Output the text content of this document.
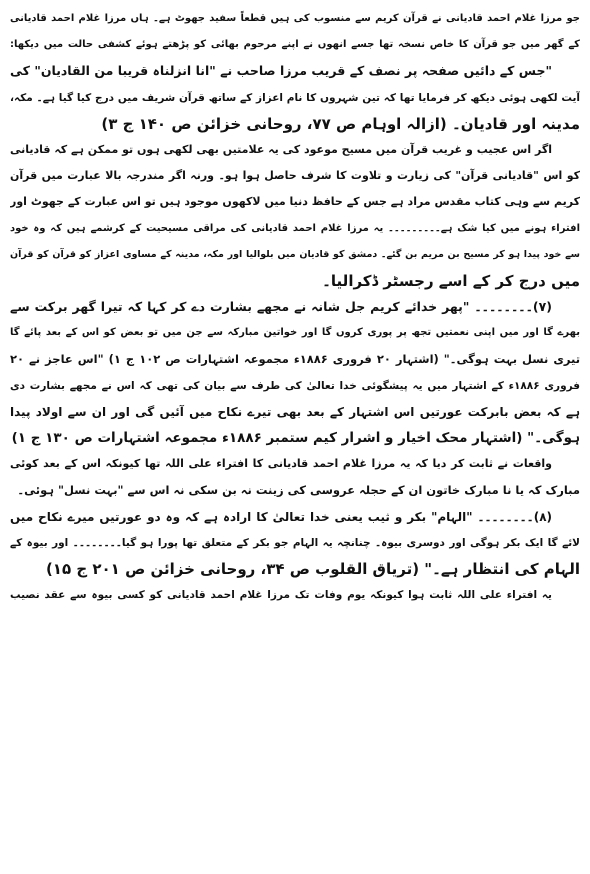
جو مرزا غلام احمد قادیانی نے قرآن کریم سے منسوب کی ہیں قطعاً سفید جھوٹ ہے۔ ہاں مرزا غلام احمد قادیانی
کے گھر میں جو قرآن کا خاص نسخہ تھا جسے انھوں نے اپنے مرحوم بھائی کو پڑھتے ہوئے کشفی حالت میں دیکھا:
"جس کے دائیں صفحہ پر نصف کے قریب مرزا صاحب نے "انا انزلناہ قریبا من القادیان" کی
آیت لکھی ہوئی دیکھ کر فرمایا تھا کہ تین شہروں کا نام اعزاز کے ساتھ قرآن شریف میں درج کیا گیا ہے۔ مکہ،
مدینہ اور قادیان۔ (ازالہ اوہام ص ۷۷، روحانی خزائن ص ۱۴۰ ج ۳)
اگر اس عجیب و غریب قرآن میں مسیح موعود کی یہ علامتیں بھی لکھی ہوں تو ممکن ہے کہ قادیانی
کو اس "قادیانی قرآن" کی زیارت و تلاوت کا شرف حاصل ہوا ہو۔ ورنہ اگر مندرجہ بالا عبارت میں قرآن
کریم سے وہی کتاب مقدس مراد ہے جس کے حافظ دنیا میں لاکھوں موجود ہیں تو اس عبارت کے جھوٹ اور
افتراء ہونے میں کیا شک ہے۔۔۔۔۔۔۔۔۔ یہ مرزا غلام احمد قادیانی کی مراقی مسیحیت کے کرشمے ہیں کہ وہ خود
سے خود پیدا ہو کر مسیح بن مریم بن گئے۔ دمشق کو قادیان میں بلوالیا اور مکہ، مدینہ کے مساوی اعزاز کو قرآن کو قرآن
میں درج کر کے اسے رجسٹر ڈکرالیا۔
(۷)۔۔۔۔۔۔۔۔ "پھر خدائے کریم جل شانہ نے مجھے بشارت دے کر کہا کہ تیرا گھر برکت سے
بھرے گا اور میں اپنی نعمتیں تجھ پر پوری کروں گا اور خواتین مبارکہ سے جن میں تو بعض کو اس کے بعد پائے گا
تیری نسل بہت ہوگی۔" (اشتہار ۲۰ فروری ۱۸۸۶ء مجموعہ اشتہارات ص ۱۰۲ ج ۱) "اس عاجز نے ۲۰
فروری ۱۸۸۶ء کے اشتہار میں یہ پیشگوئی خدا تعالیٰ کی طرف سے بیان کی تھی کہ اس نے مجھے بشارت دی
ہے کہ بعض بابرکت عورتیں اس اشتہار کے بعد بھی تیرے نکاح میں آئیں گی اور ان سے اولاد پیدا
ہوگی۔" (اشتہار محک اخیار و اشرار کیم ستمبر ۱۸۸۶ء مجموعہ اشتہارات ص ۱۳۰ ج ۱)
واقعات نے ثابت کر دیا کہ یہ مرزا غلام احمد قادیانی کا افتراء علی اللہ تھا کیونکہ اس کے بعد کوئی
مبارک کہ یا نا مبارک خاتون ان کے حجلہ عروسی کی زینت نہ بن سکی نہ اس سے "بہت نسل" ہوئی۔
(۸)۔۔۔۔۔۔۔۔ "الہام" بکر و ثیب یعنی خدا تعالیٰ کا ارادہ ہے کہ وہ دو عورتیں میرے نکاح میں
لائے گا ایک بکر ہوگی اور دوسری بیوہ۔ چنانچہ یہ الہام جو بکر کے متعلق تھا پورا ہو گیا۔۔۔۔۔۔۔۔ اور بیوہ کے
الہام کی انتظار ہے۔" (تریاق القلوب ص ۳۴، روحانی خزائن ص ۲۰۱ ج ۱۵)
یہ افتراء علی اللہ ثابت ہوا کیونکہ یوم وفات تک مرزا غلام احمد قادیانی کو کسی بیوہ سے عقد نصیب
